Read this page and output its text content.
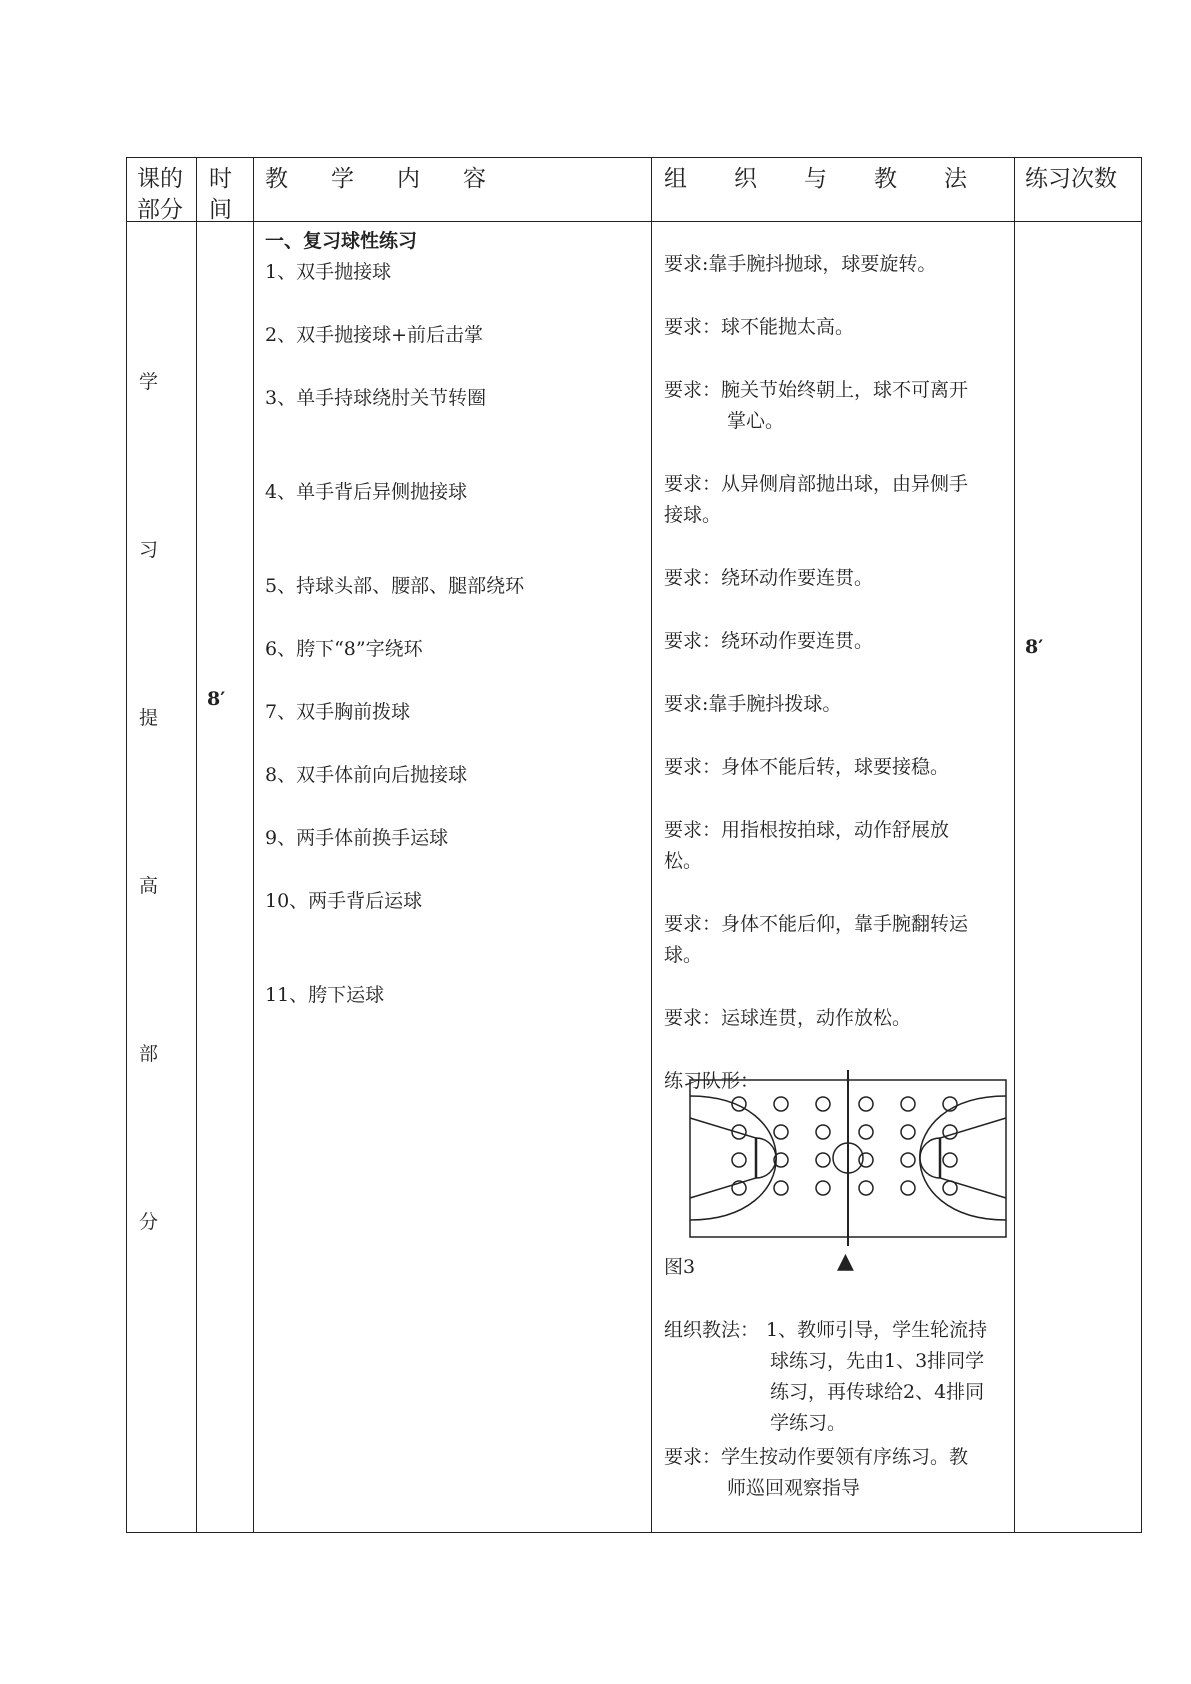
课的
部分
时
间
教　学　内　容	组　织　与　教　法 练习次数
学
习
提
高
部
分
8′
8′
一、复习球性练习
1、双手抛接球
2、双手抛接球+前后击掌
3、单手持球绕肘关节转圈
4、单手背后异侧抛接球
5、持球头部、腰部、腿部绕环
6、胯下“8”字绕环
7、双手胸前拨球
8、双手体前向后抛接球
9、两手体前换手运球
10、两手背后运球
11、胯下运球
要求:靠手腕抖抛球，球要旋转。
要求：球不能抛太高。
要求：腕关节始终朝上，球不可离开
掌心。
要求：从异侧肩部抛出球，由异侧手
接球。
要求：绕环动作要连贯。
要求：绕环动作要连贯。
要求:靠手腕抖拨球。
要求：身体不能后转，球要接稳。
要求：用指根按拍球，动作舒展放
松。
要求：身体不能后仰，靠手腕翻转运
球。
要求：运球连贯，动作放松。
练习队形：
图3	▲
组织教法： 1、教师引导，学生轮流持
球练习，先由1、3排同学
练习，再传球给2、4排同
学练习。
要求：学生按动作要领有序练习。教
师巡回观察指导
